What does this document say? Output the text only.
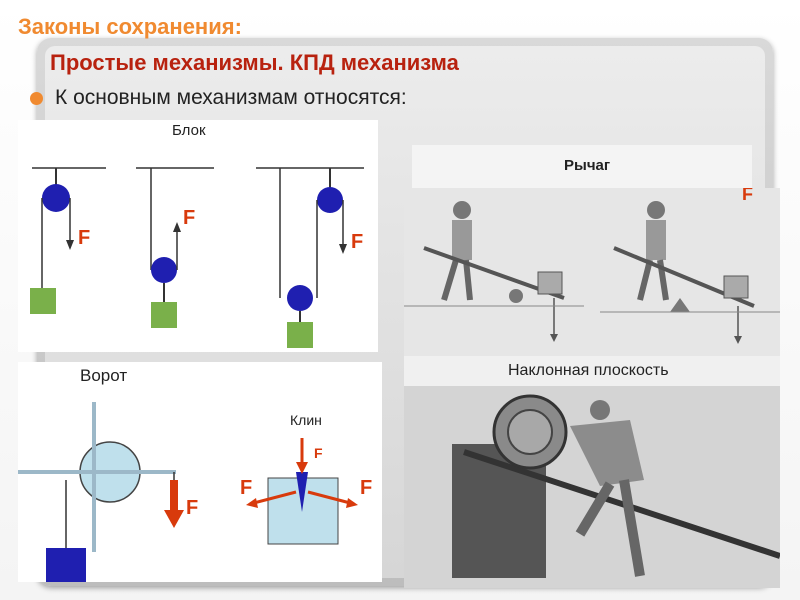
Законы сохранения:
Простые механизмы. КПД механизма
К основным механизмам относятся:
Блок
F
F
F
Рычаг
F
Ворот
Клин
F
F
F	F
Наклонная плоскость
